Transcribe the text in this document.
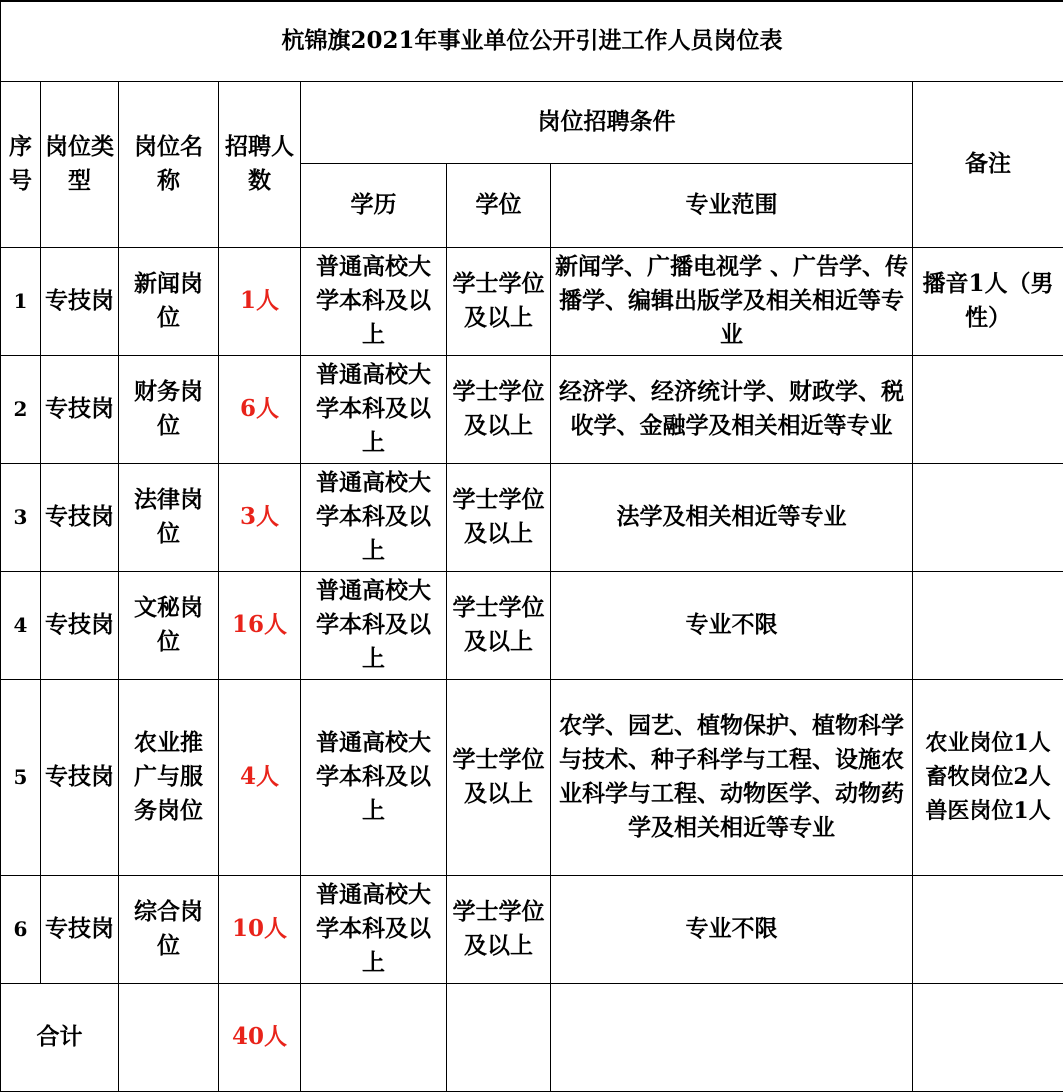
杭锦旗2021年事业单位公开引进工作人员岗位表							
序号	岗位类型	岗位名称	招聘人数	岗位招聘条件			备注
				学历	学位	专业范围	
1	专技岗	新闻岗位	1人	普通高校大学本科及以上	学士学位及以上	新闻学、广播电视学 、广告学、传播学、编辑出版学及相关相近等专业	播音1人（男性）
2	专技岗	财务岗位	6人	普通高校大学本科及以上	学士学位及以上	经济学、经济统计学、财政学、税收学、金融学及相关相近等专业	
3	专技岗	法律岗位	3人	普通高校大学本科及以上	学士学位及以上	法学及相关相近等专业	
4	专技岗	文秘岗位	16人	普通高校大学本科及以上	学士学位及以上	专业不限	
5	专技岗	农业推广与服务岗位	4人	普通高校大学本科及以上	学士学位及以上	农学、园艺、植物保护、植物科学与技术、种子科学与工程、设施农业科学与工程、动物医学、动物药学及相关相近等专业	农业岗位1人畜牧岗位2人兽医岗位1人
6	专技岗	综合岗位	10人	普通高校大学本科及以上	学士学位及以上	专业不限	
合计			40人				
